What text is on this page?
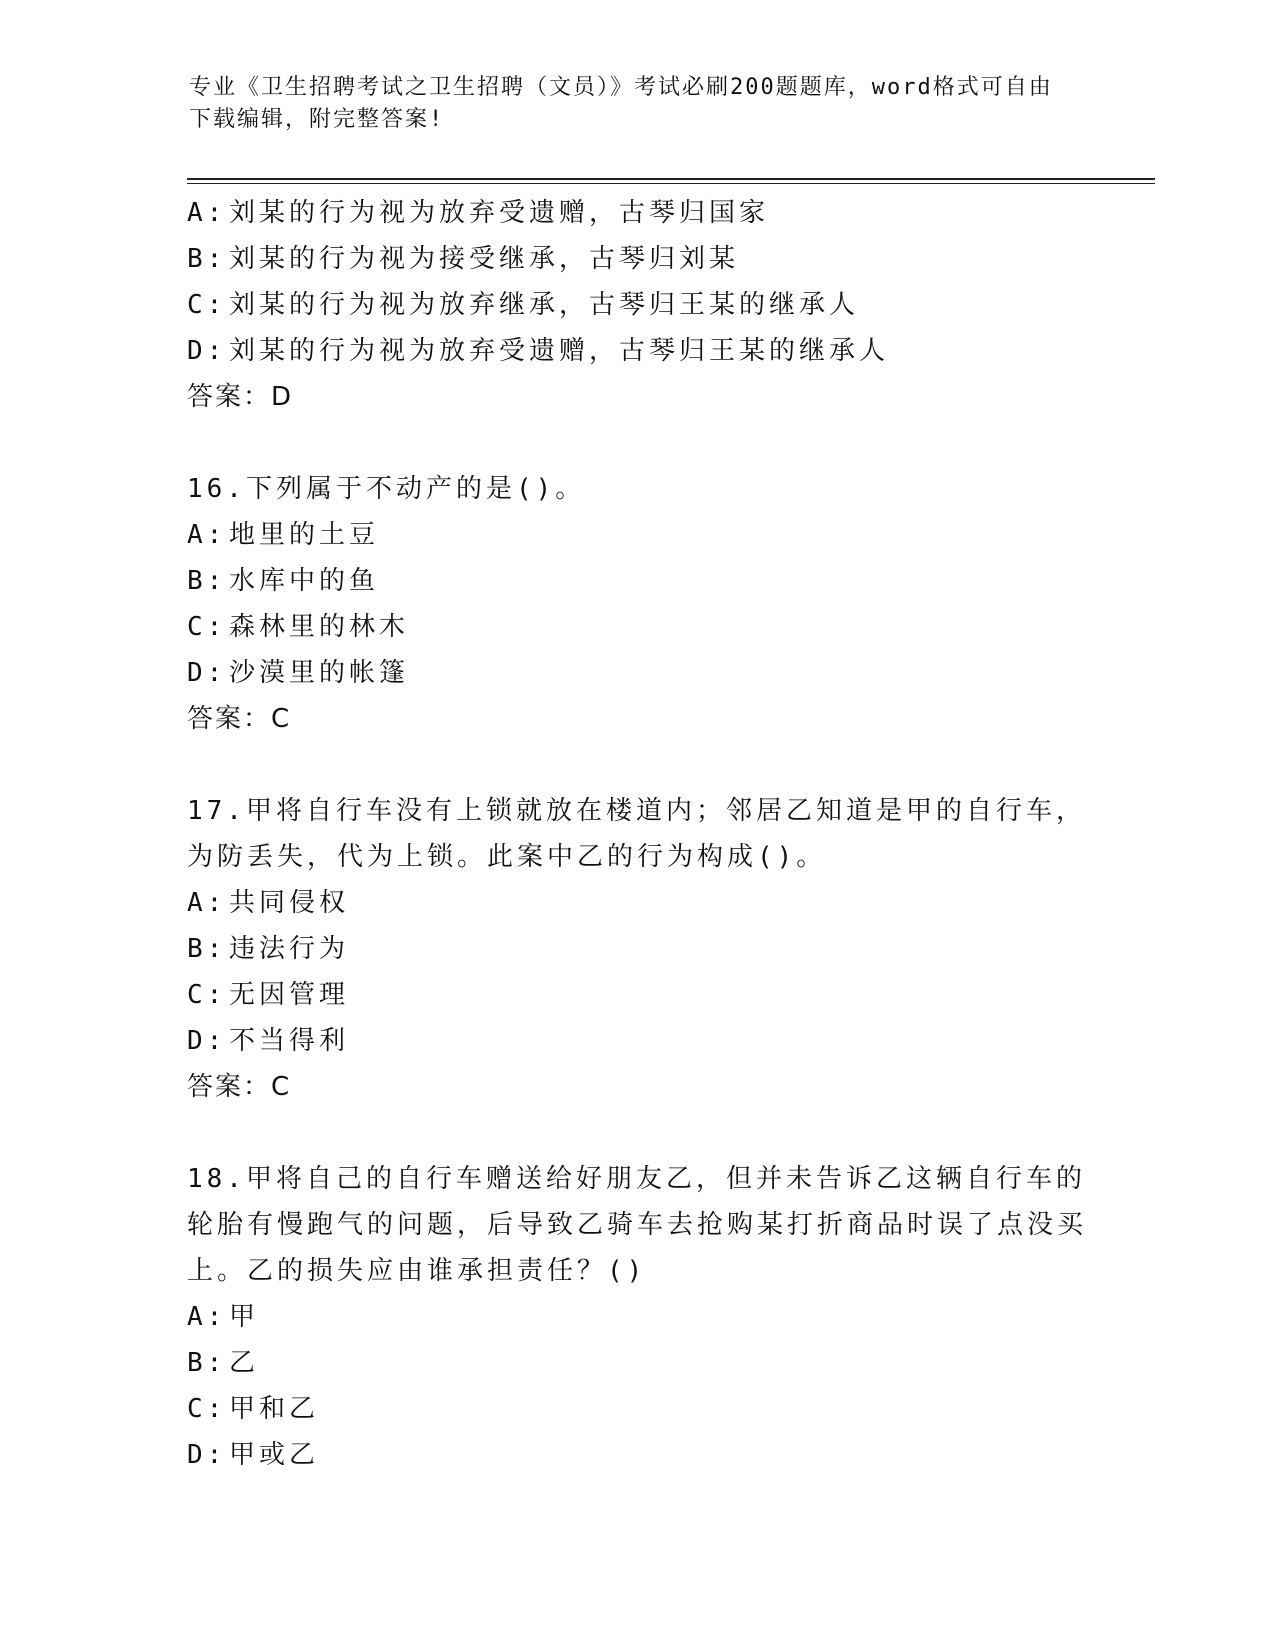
专业《卫生招聘考试之卫生招聘（文员）》考试必刷200题题库，word格式可自由下载编辑，附完整答案!
A: 刘某的行为视为放弃受遗赠，古琴归国家
B: 刘某的行为视为接受继承，古琴归刘某
C: 刘某的行为视为放弃继承，古琴归王某的继承人
D: 刘某的行为视为放弃受遗赠，古琴归王某的继承人
答案：D
16.下列属于不动产的是()。
A: 地里的土豆
B: 水库中的鱼
C: 森林里的林木
D: 沙漠里的帐篷
答案：C
17.甲将自行车没有上锁就放在楼道内；邻居乙知道是甲的自行车，为防丢失，代为上锁。此案中乙的行为构成()。
A: 共同侵权
B: 违法行为
C: 无因管理
D: 不当得利
答案：C
18.甲将自己的自行车赠送给好朋友乙，但并未告诉乙这辆自行车的轮胎有慢跑气的问题，后导致乙骑车去抢购某打折商品时误了点没买上。乙的损失应由谁承担责任？()
A: 甲
B: 乙
C: 甲和乙
D: 甲或乙
